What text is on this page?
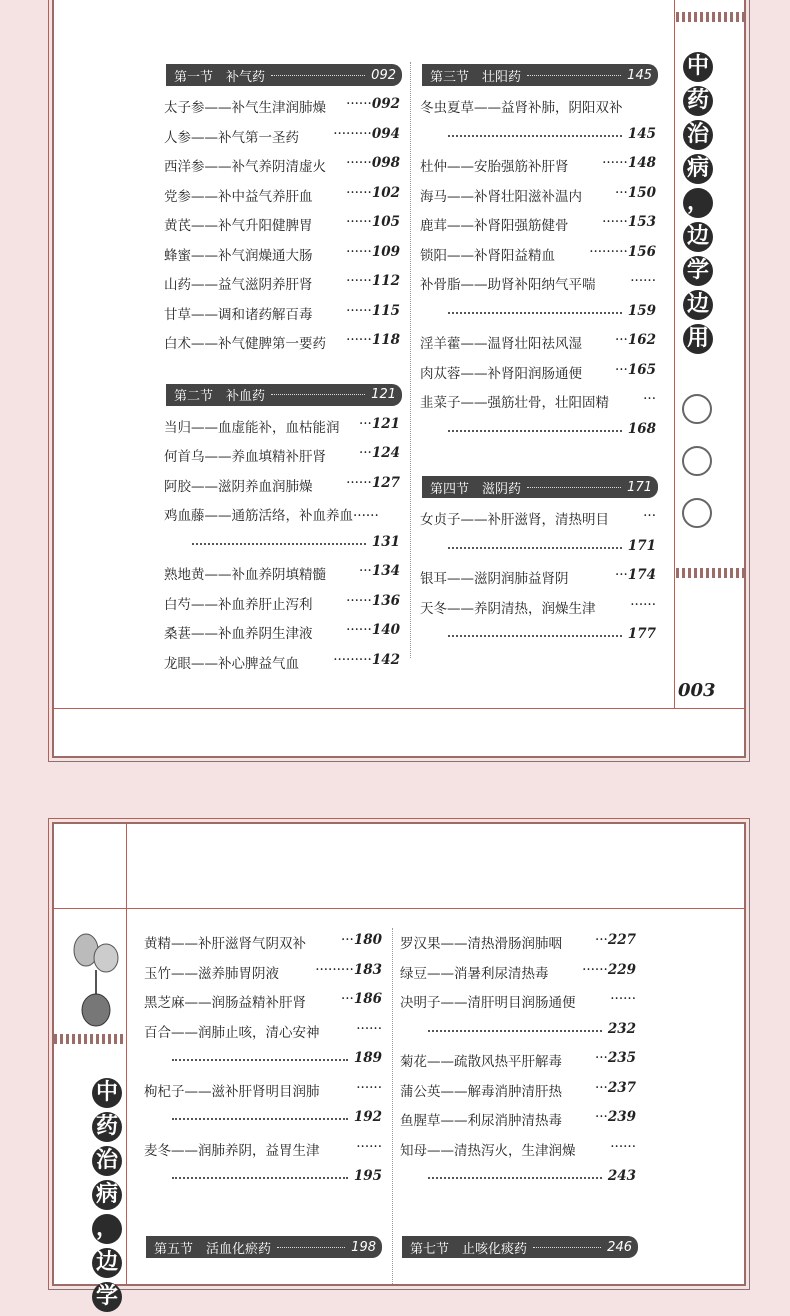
中
药
治
病
，
边
学
边
用
003
第一节　补气药	092
太子参——补气生津润肺燥 ······ 092
人参——补气第一圣药	········· 094
西洋参——补气养阴清虚火 ······ 098
党参——补中益气养肝血 ······ 102
黄芪——补气升阳健脾胃 ······ 105
蜂蜜——补气润燥通大肠 ······ 109
山药——益气滋阴养肝肾 ······ 112
甘草——调和诸药解百毒 ······ 115
白术——补气健脾第一要药 ······ 118
第二节　补血药	121
当归——血虚能补，血枯能润 ··· 121
何首乌——养血填精补肝肾 ··· 124
阿胶——滋阴养血润肺燥 ······ 127
鸡血藤——通筋活络，补血养血······
131
熟地黄——补血养阴填精髓 ··· 134
白芍——补血养肝止泻利 ······ 136
桑葚——补血养阴生津液 ······ 140
龙眼——补心脾益气血	········· 142
第三节　壮阳药	145
冬虫夏草——益肾补肺，阴阳双补
145
杜仲——安胎强筋补肝肾 ······ 148
海马——补肾壮阳滋补温内 ··· 150
鹿茸——补肾阳强筋健骨 ······ 153
锁阳——补肾阳益精血	········· 156
补骨脂——助肾补阳纳气平喘	······
159
淫羊藿——温肾壮阳祛风湿 ··· 162
肉苁蓉——补肾阳润肠通便 ··· 165
韭菜子——强筋壮骨，壮阳固精	···
168
第四节　滋阴药	171
女贞子——补肝滋肾，清热明目	···
171
银耳——滋阴润肺益肾阴	··· 174
天冬——养阴清热，润燥生津	······
177
中
药
治
病
，
边
学
黄精——补肝滋肾气阴双补	··· 180
玉竹——滋养肺胃阴液	········· 183
黑芝麻——润肠益精补肝肾	··· 186
百合——润肺止咳，清心安神	······
189
枸杞子——滋补肝肾明目润肺	······
192
麦冬——润肺养阴，益胃生津	······
195
第五节　活血化瘀药	198
罗汉果——清热滑肠润肺咽 ··· 227
绿豆——消暑利尿清热毒 ······ 229
决明子——清肝明目润肠通便	······
232
菊花——疏散风热平肝解毒 ··· 235
蒲公英——解毒消肿清肝热 ··· 237
鱼腥草——利尿消肿清热毒 ··· 239
知母——清热泻火，生津润燥	······
243
第七节　止咳化痰药	246
